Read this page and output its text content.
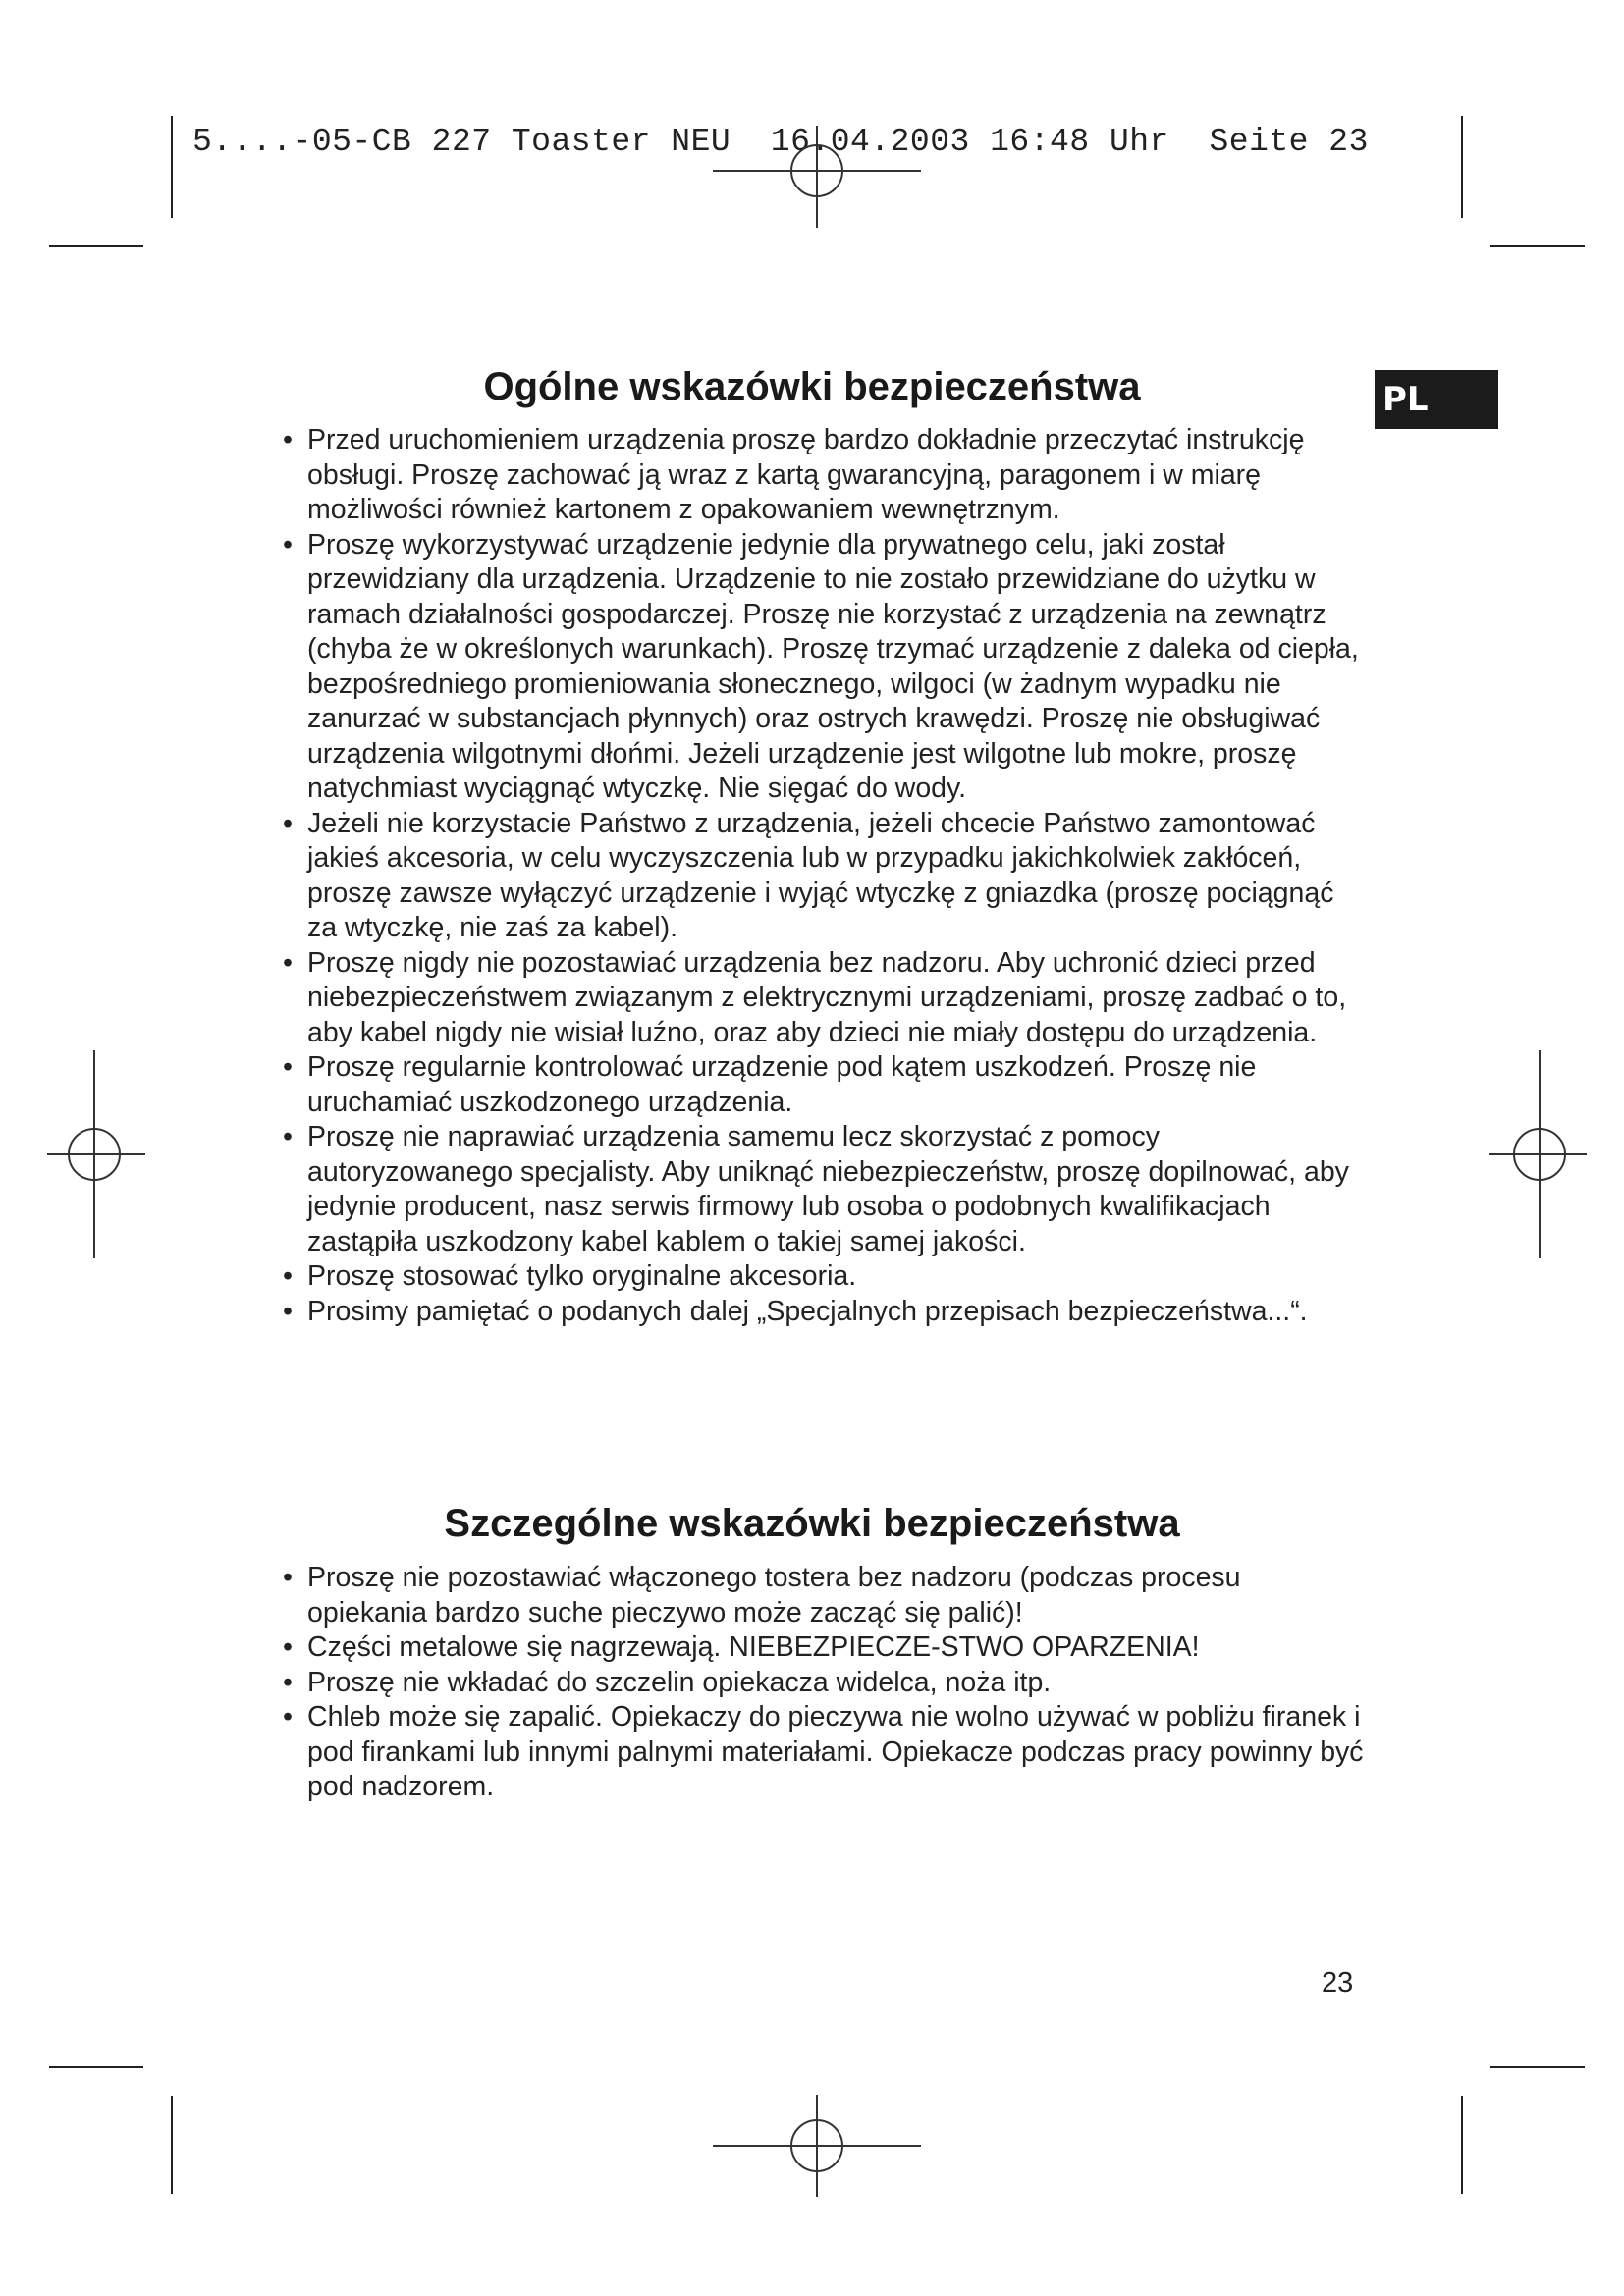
5....-05-CB 227 Toaster NEU  16.04.2003 16:48 Uhr  Seite 23
PL
Ogólne wskazówki bezpieczeństwa
• Przed uruchomieniem urządzenia proszę bardzo dokładnie przeczytać instrukcję obsługi. Proszę zachować ją wraz z kartą gwarancyjną, paragonem i w miarę możliwości również kartonem z opakowaniem wewnętrznym.
• Proszę wykorzystywać urządzenie jedynie dla prywatnego celu, jaki został przewidziany dla urządzenia. Urządzenie to nie zostało przewidziane do użytku w ramach działalności gospodarczej. Proszę nie korzystać z urządzenia na zewnątrz (chyba że w określonych warunkach). Proszę trzymać urządzenie z daleka od ciepła, bezpośredniego promieniowania słonecznego, wilgoci (w żadnym wypadku nie zanurzać w substancjach płynnych) oraz ostrych krawędzi. Proszę nie obsługiwać urządzenia wilgotnymi dłońmi. Jeżeli urządzenie jest wilgotne lub mokre, proszę natychmiast wyciągnąć wtyczkę. Nie sięgać do wody.
• Jeżeli nie korzystacie Państwo z urządzenia, jeżeli chcecie Państwo zamontować jakieś akcesoria, w celu wyczyszczenia lub w przypadku jakichkolwiek zakłóceń, proszę zawsze wyłączyć urządzenie i wyjąć wtyczkę z gniazdka (proszę pociągnąć za wtyczkę, nie zaś za kabel).
• Proszę nigdy nie pozostawiać urządzenia bez nadzoru. Aby uchronić dzieci przed niebezpieczeństwem związanym z elektrycznymi urządzeniami, proszę zadbać o to, aby kabel nigdy nie wisiał luźno, oraz aby dzieci nie miały dostępu do urządzenia.
• Proszę regularnie kontrolować urządzenie pod kątem uszkodzeń. Proszę nie uruchamiać uszkodzonego urządzenia.
• Proszę nie naprawiać urządzenia samemu lecz skorzystać z pomocy autoryzowanego specjalisty. Aby uniknąć niebezpieczeństw, proszę dopilnować, aby jedynie producent, nasz serwis firmowy lub osoba o podobnych kwalifikacjach zastąpiła uszkodzony kabel kablem o takiej samej jakości.
• Proszę stosować tylko oryginalne akcesoria.
• Prosimy pamiętać o podanych dalej „Specjalnych przepisach bezpieczeństwa...“.
Szczególne wskazówki bezpieczeństwa
• Proszę nie pozostawiać włączonego tostera bez nadzoru (podczas procesu opiekania bardzo suche pieczywo może zacząć się palić)!
• Części metalowe się nagrzewają. NIEBEZPIECZE-STWO OPARZENIA!
• Proszę nie wkładać do szczelin opiekacza widelca, noża itp.
• Chleb może się zapalić. Opiekaczy do pieczywa nie wolno używać w pobliżu firanek i pod firankami lub innymi palnymi materiałami. Opiekacze podczas pracy powinny być pod nadzorem.
23
